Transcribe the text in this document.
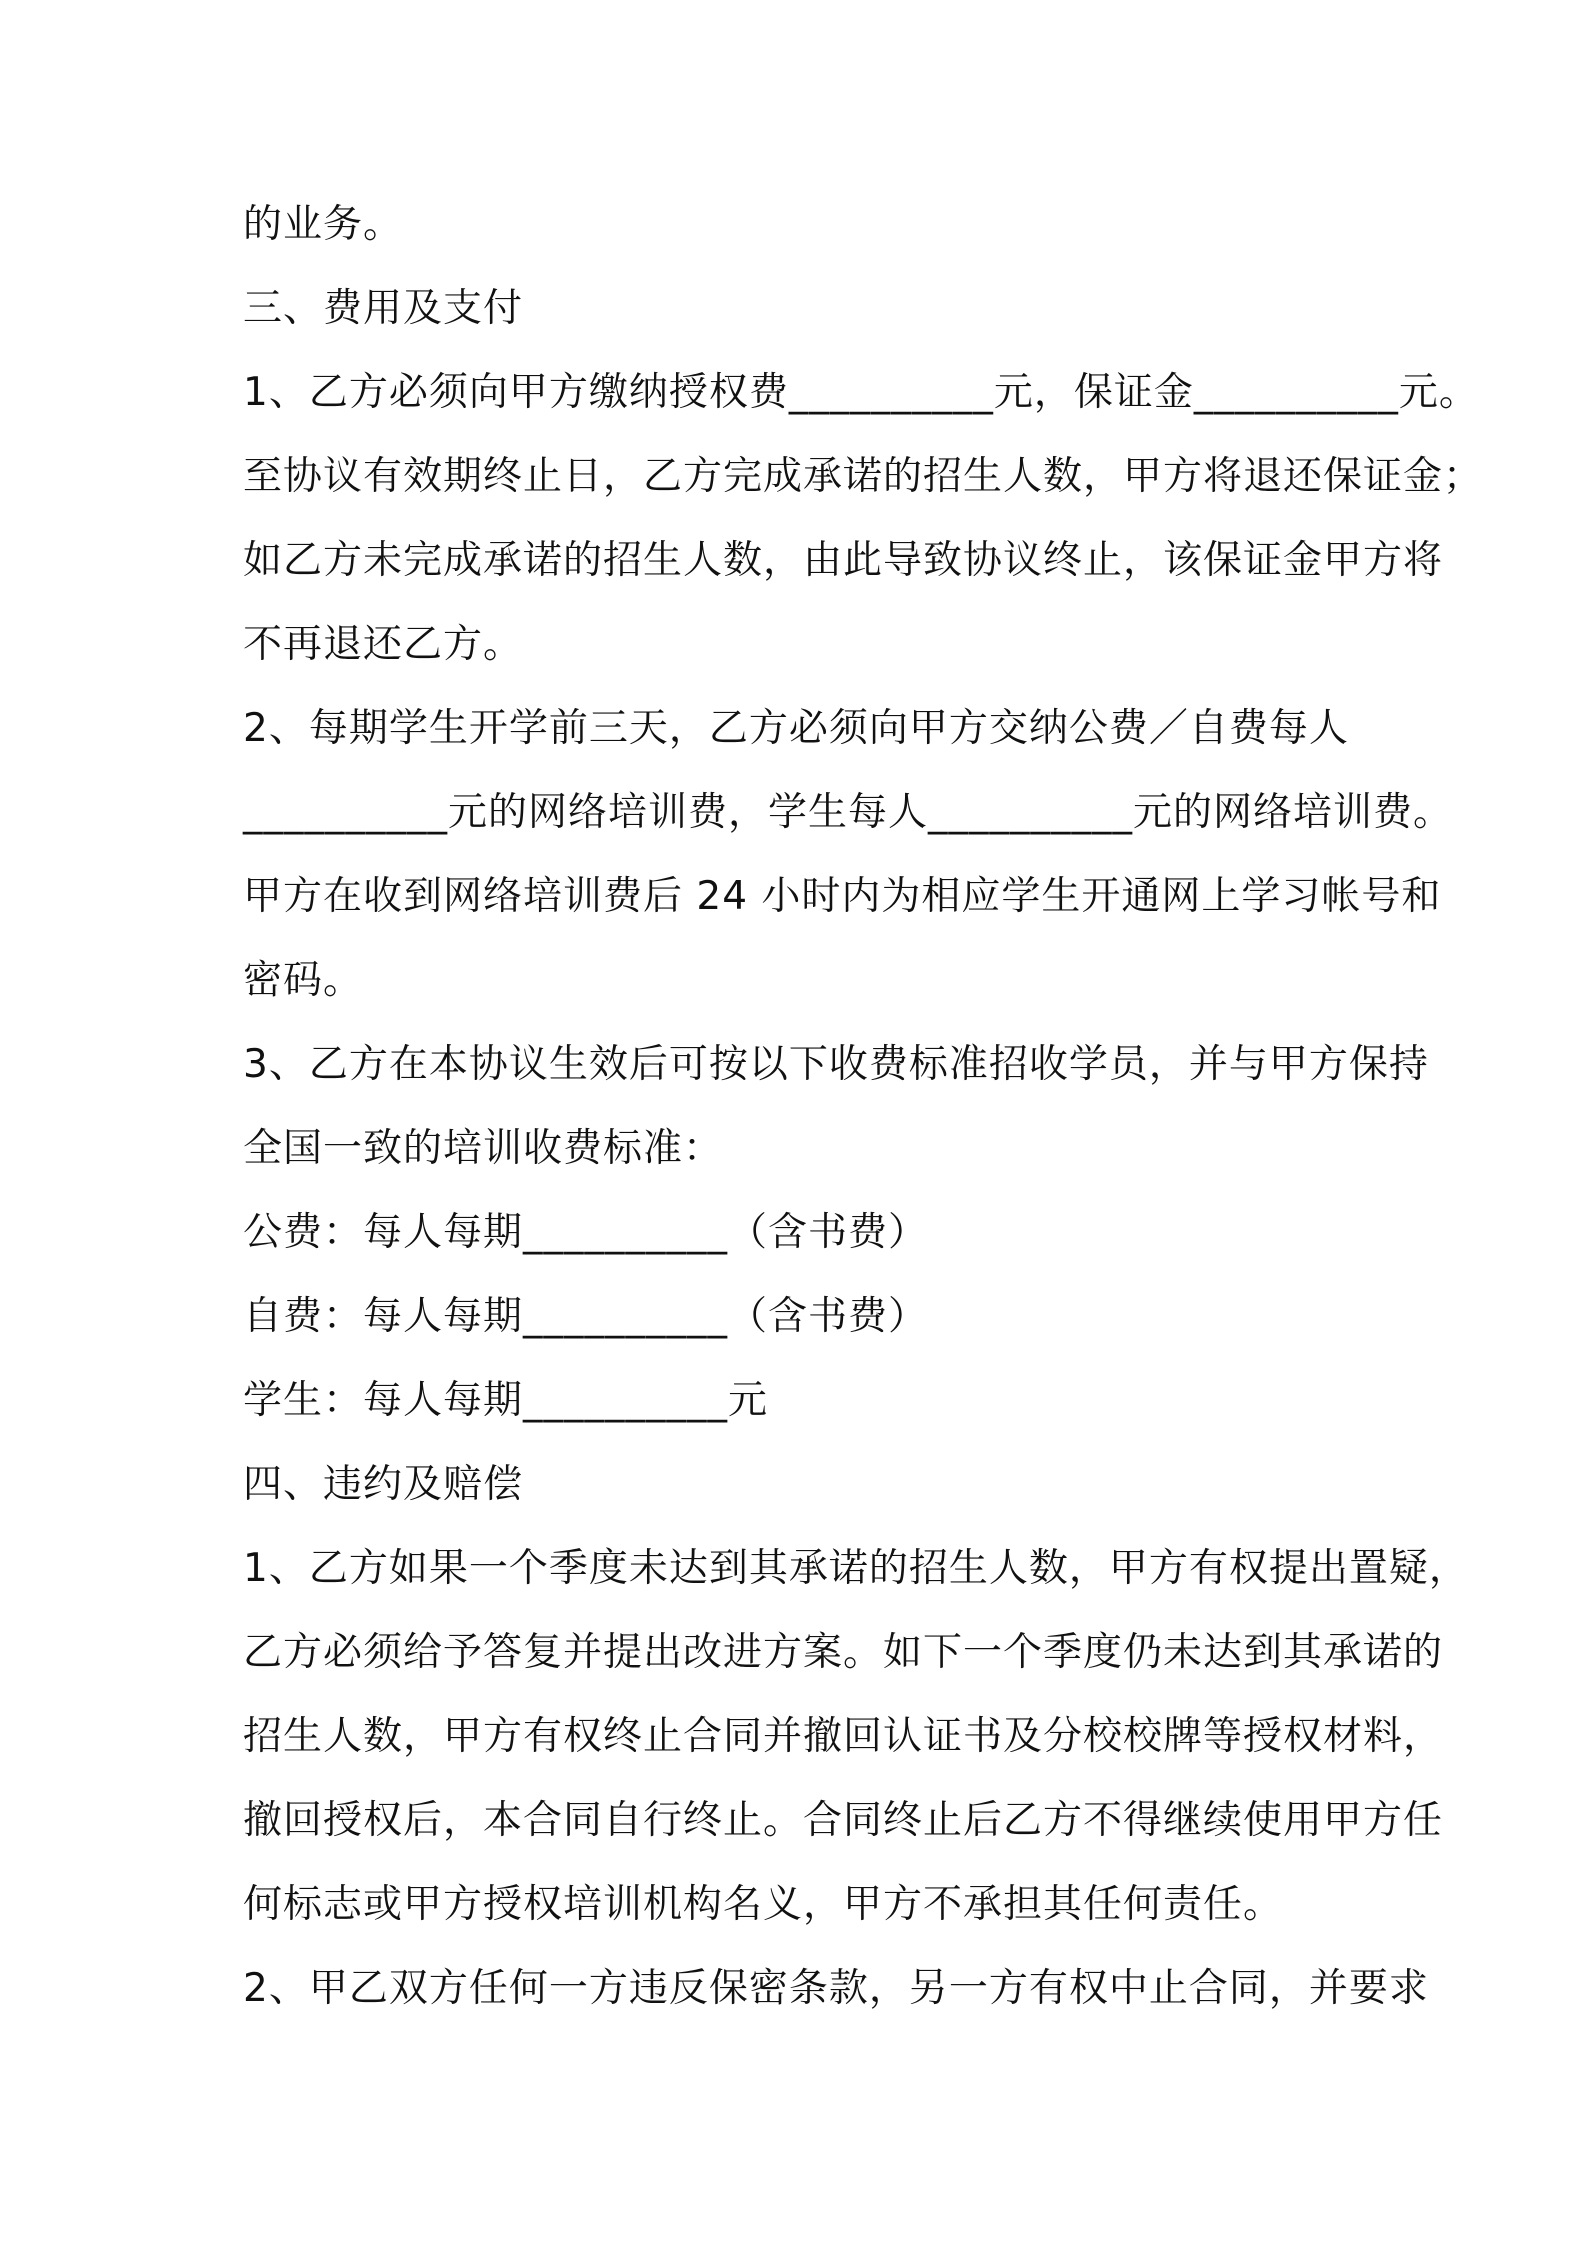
的业务。
三、费用及支付
1、乙方必须向甲方缴纳授权费__________元，保证金__________元。
至协议有效期终止日，乙方完成承诺的招生人数，甲方将退还保证金；
如乙方未完成承诺的招生人数，由此导致协议终止，该保证金甲方将
不再退还乙方。
2、每期学生开学前三天，乙方必须向甲方交纳公费／自费每人
__________元的网络培训费，学生每人__________元的网络培训费。
甲方在收到网络培训费后 24 小时内为相应学生开通网上学习帐号和
密码。
3、乙方在本协议生效后可按以下收费标准招收学员，并与甲方保持
全国一致的培训收费标准：
公费：每人每期__________（含书费）
自费：每人每期__________（含书费）
学生：每人每期__________元
四、违约及赔偿
1、乙方如果一个季度未达到其承诺的招生人数，甲方有权提出置疑，
乙方必须给予答复并提出改进方案。如下一个季度仍未达到其承诺的
招生人数，甲方有权终止合同并撤回认证书及分校校牌等授权材料，
撤回授权后，本合同自行终止。合同终止后乙方不得继续使用甲方任
何标志或甲方授权培训机构名义，甲方不承担其任何责任。
2、甲乙双方任何一方违反保密条款，另一方有权中止合同，并要求
